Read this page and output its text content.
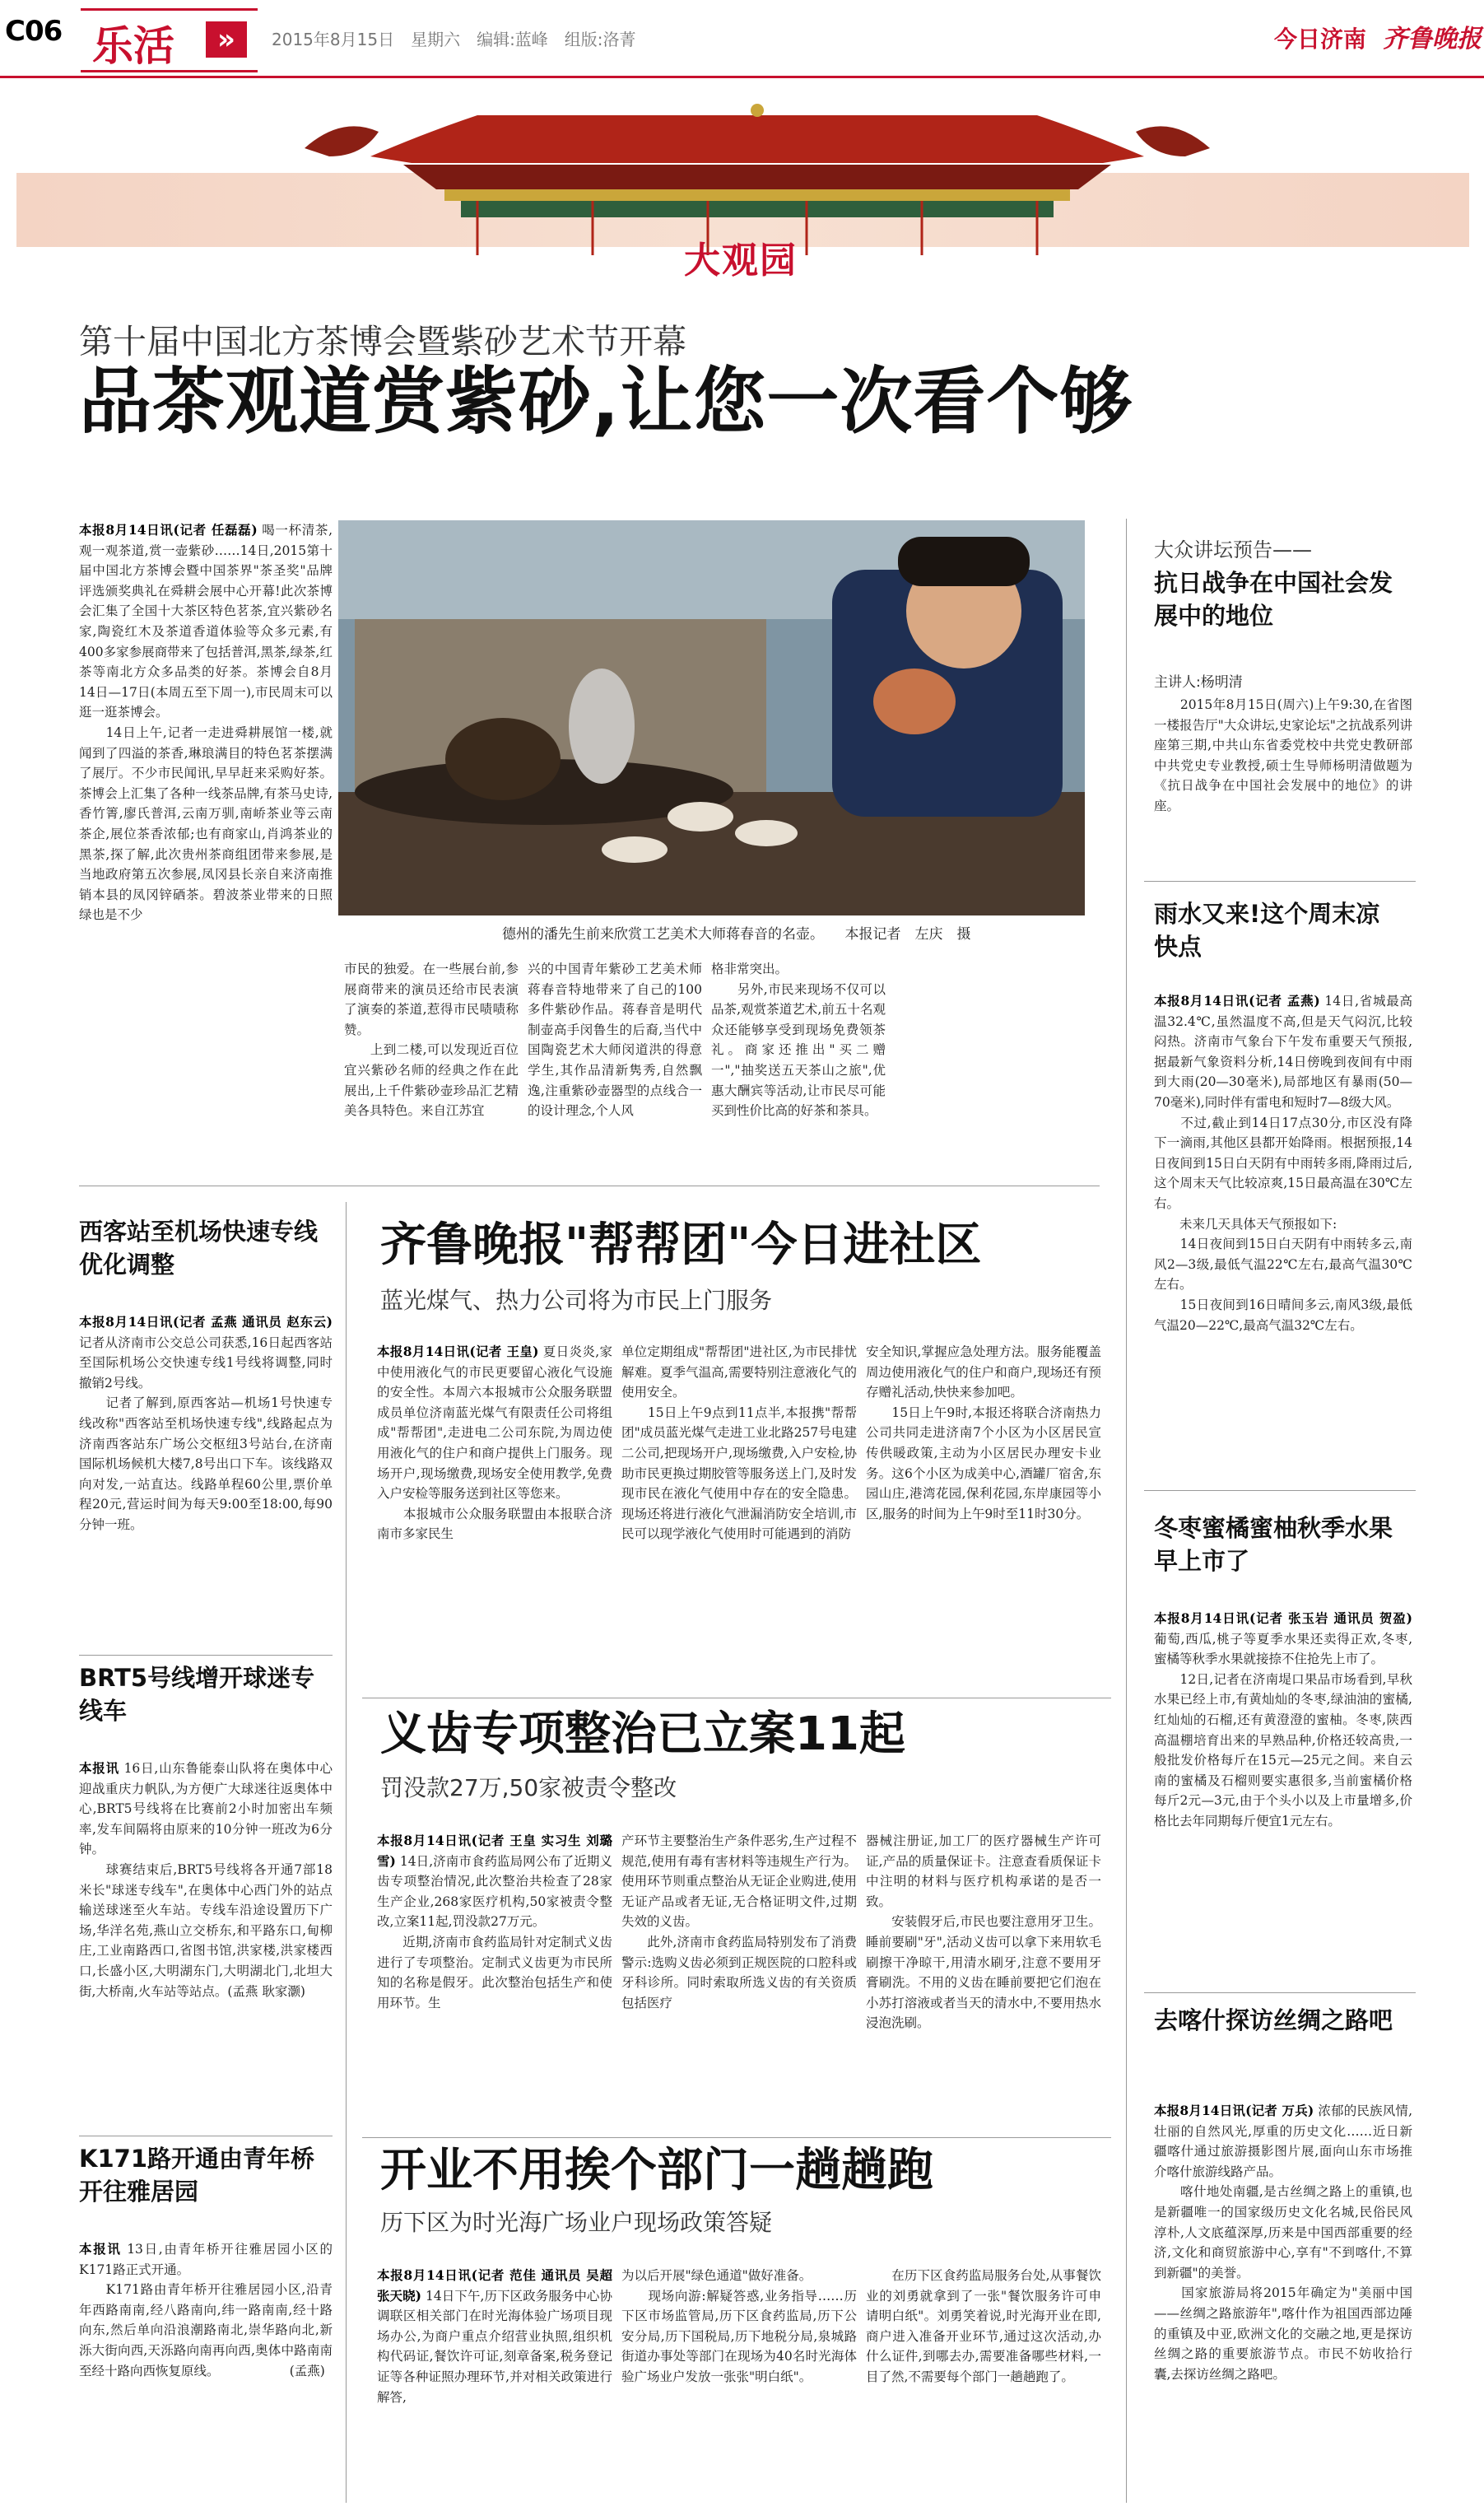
C06 乐活	»	2015年8月15日　星期六　编辑:蓝峰　组版:洛菁	今日济南 齐鲁晚报
大观园
第十届中国北方茶博会暨紫砂艺术节开幕
品茶观道赏紫砂,让您一次看个够
本报8月14日讯(记者 任磊磊) 喝一杯清茶,观一观茶道,赏一壶紫砂……14日,2015第十届中国北方茶博会暨中国茶界"茶圣奖"品牌评选颁奖典礼在舜耕会展中心开幕!此次茶博会汇集了全国十大茶区特色茗茶,宜兴紫砂名家,陶瓷红木及茶道香道体验等众多元素,有400多家参展商带来了包括普洱,黑茶,绿茶,红茶等南北方众多品类的好茶。茶博会自8月14日—17日(本周五至下周一),市民周末可以逛一逛茶博会。
　　14日上午,记者一走进舜耕展馆一楼,就闻到了四溢的茶香,琳琅满目的特色茗茶摆满了展厅。不少市民闻讯,早早赶来采购好茶。茶博会上汇集了各种一线茶品牌,有茶马史诗,香竹箐,廖氏普洱,云南万驯,南峤茶业等云南茶企,展位茶香浓郁;也有商家山,肖鸿茶业的黑茶,探了解,此次贵州茶商组团带来参展,是当地政府第五次参展,凤冈县长亲自来济南推销本县的凤冈锌硒茶。碧波茶业带来的日照绿也是不少
德州的潘先生前来欣赏工艺美术大师蒋春音的名壶。　　本报记者　左庆　摄
市民的独爱。在一些展台前,参展商带来的演员还给市民表演了演奏的茶道,惹得市民啧啧称赞。
　　上到二楼,可以发现近百位宜兴紫砂名师的经典之作在此展出,上千件紫砂壶珍品汇艺精美各具特色。来自江苏宜
兴的中国青年紫砂工艺美术师蒋春音特地带来了自己的100多件紫砂作品。蒋春音是明代制壶高手闵鲁生的后裔,当代中国陶瓷艺术大师闵道洪的得意学生,其作品清新隽秀,自然飘逸,注重紫砂壶器型的点线合一的设计理念,个人风
格非常突出。
　　另外,市民来现场不仅可以品茶,观赏茶道艺术,前五十名观众还能够享受到现场免费领茶礼。商家还推出"买二赠一","抽奖送五天茶山之旅",优惠大酬宾等活动,让市民尽可能买到性价比高的好茶和茶具。
西客站至机场快速专线优化调整
本报8月14日讯(记者 孟燕 通讯员 赵东云) 记者从济南市公交总公司获悉,16日起西客站至国际机场公交快速专线1号线将调整,同时撤销2号线。
　　记者了解到,原西客站—机场1号快速专线改称"西客站至机场快速专线",线路起点为济南西客站东广场公交枢纽3号站台,在济南国际机场候机大楼7,8号出口下车。该线路双向对发,一站直达。线路单程60公里,票价单程20元,营运时间为每天9:00至18:00,每90分钟一班。
BRT5号线增开球迷专线车
本报讯 16日,山东鲁能泰山队将在奥体中心迎战重庆力帆队,为方便广大球迷往返奥体中心,BRT5号线将在比赛前2小时加密出车频率,发车间隔将由原来的10分钟一班改为6分钟。
　　球赛结束后,BRT5号线将各开通7部18米长"球迷专线车",在奥体中心西门外的站点输送球迷至火车站。专线车沿途设置历下广场,华洋名苑,燕山立交桥东,和平路东口,甸柳庄,工业南路西口,省图书馆,洪家楼,洪家楼西口,长盛小区,大明湖东门,大明湖北门,北坦大街,大桥南,火车站等站点。(孟燕 耿家灏)
K171路开通由青年桥开往雅居园
本报讯 13日,由青年桥开往雅居园小区的K171路正式开通。
　　K171路由青年桥开往雅居园小区,沿青年西路南南,经八路南向,纬一路南南,经十路向东,然后单向沿浪潮路南北,崇华路向北,新泺大街向西,天泺路向南再向西,奥体中路南南至经十路向西恢复原线。　　　　　　(孟燕)
齐鲁晚报"帮帮团"今日进社区
蓝光煤气、热力公司将为市民上门服务
本报8月14日讯(记者 王皇) 夏日炎炎,家中使用液化气的市民更要留心液化气设施的安全性。本周六本报城市公众服务联盟成员单位济南蓝光煤气有限责任公司将组成"帮帮团",走进电二公司东院,为周边使用液化气的住户和商户提供上门服务。现场开户,现场缴费,现场安全使用教学,免费入户安检等服务送到社区等您来。
　　本报城市公众服务联盟由本报联合济南市多家民生
单位定期组成"帮帮团"进社区,为市民排忧解难。夏季气温高,需要特别注意液化气的使用安全。
　　15日上午9点到11点半,本报携"帮帮团"成员蓝光煤气走进工业北路257号电建二公司,把现场开户,现场缴费,入户安检,协助市民更换过期胶管等服务送上门,及时发现市民在液化气使用中存在的安全隐患。现场还将进行液化气泄漏消防安全培训,市民可以现学液化气使用时可能遇到的消防
安全知识,掌握应急处理方法。服务能覆盖周边使用液化气的住户和商户,现场还有预存赠礼活动,快快来参加吧。
　　15日上午9时,本报还将联合济南热力公司共同走进济南7个小区为小区居民宣传供暖政策,主动为小区居民办理安卡业务。这6个小区为成美中心,酒罐厂宿舍,东园山庄,港湾花园,保利花园,东岸康园等小区,服务的时间为上午9时至11时30分。
义齿专项整治已立案11起
罚没款27万,50家被责令整改
本报8月14日讯(记者 王皇 实习生 刘璐雪) 14日,济南市食药监局网公布了近期义齿专项整治情况,此次整治共检查了28家生产企业,268家医疗机构,50家被责令整改,立案11起,罚没款27万元。
　　近期,济南市食药监局针对定制式义齿进行了专项整治。定制式义齿更为市民所知的名称是假牙。此次整治包括生产和使用环节。生
产环节主要整治生产条件恶劣,生产过程不规范,使用有毒有害材料等违规生产行为。使用环节则重点整治从无证企业购进,使用无证产品或者无证,无合格证明文件,过期失效的义齿。
　　此外,济南市食药监局特别发布了消费警示:选购义齿必须到正规医院的口腔科或牙科诊所。同时索取所选义齿的有关资质包括医疗
器械注册证,加工厂的医疗器械生产许可证,产品的质量保证卡。注意查看质保证卡中注明的材料与医疗机构承诺的是否一致。
　　安装假牙后,市民也要注意用牙卫生。睡前要刷"牙",活动义齿可以拿下来用软毛刷擦干净晾干,用清水刷牙,注意不要用牙膏刷洗。不用的义齿在睡前要把它们泡在小苏打溶液或者当天的清水中,不要用热水浸泡洗刷。
开业不用挨个部门一趟趟跑
历下区为时光海广场业户现场政策答疑
本报8月14日讯(记者 范佳 通讯员 吴超 张天晓) 14日下午,历下区政务服务中心协调联区相关部门在时光海体验广场项目现场办公,为商户重点介绍营业执照,组织机构代码证,餐饮许可证,刻章备案,税务登记证等各种证照办理环节,并对相关政策进行解答,
为以后开展"绿色通道"做好准备。
　　现场向游:解疑答惑,业务指导……历下区市场监管局,历下区食药监局,历下公安分局,历下国税局,历下地税分局,泉城路街道办事处等部门在现场为40名时光海体验广场业户发放一张张"明白纸"。
　　在历下区食药监局服务台处,从事餐饮业的刘勇就拿到了一张"餐饮服务许可申请明白纸"。刘勇笑着说,时光海开业在即,商户进入准备开业环节,通过这次活动,办什么证件,到哪去办,需要准备哪些材料,一目了然,不需要每个部门一趟趟跑了。
大众讲坛预告——
抗日战争在中国社会发展中的地位
主讲人:杨明清
　　2015年8月15日(周六)上午9:30,在省图一楼报告厅"大众讲坛,史家论坛"之抗战系列讲座第三期,中共山东省委党校中共党史教研部中共党史专业教授,硕士生导师杨明清做题为《抗日战争在中国社会发展中的地位》的讲座。
雨水又来!这个周末凉快点
本报8月14日讯(记者 孟燕) 14日,省城最高温32.4℃,虽然温度不高,但是天气闷沉,比较闷热。济南市气象台下午发布重要天气预报,据最新气象资料分析,14日傍晚到夜间有中雨到大雨(20—30毫米),局部地区有暴雨(50—70毫米),同时伴有雷电和短时7—8级大风。
　　不过,截止到14日17点30分,市区没有降下一滴雨,其他区县都开始降雨。根据预报,14日夜间到15日白天阴有中雨转多雨,降雨过后,这个周末天气比较凉爽,15日最高温在30℃左右。
　　未来几天具体天气预报如下:
　　14日夜间到15日白天阴有中雨转多云,南风2—3级,最低气温22℃左右,最高气温30℃左右。
　　15日夜间到16日晴间多云,南风3级,最低气温20—22℃,最高气温32℃左右。
冬枣蜜橘蜜柚秋季水果早上市了
本报8月14日讯(记者 张玉岩 通讯员 贺盈) 葡萄,西瓜,桃子等夏季水果还卖得正欢,冬枣,蜜橘等秋季水果就接捺不住抢先上市了。
　　12日,记者在济南堤口果品市场看到,早秋水果已经上市,有黄灿灿的冬枣,绿油油的蜜橘,红灿灿的石榴,还有黄澄澄的蜜柚。冬枣,陕西高温棚培育出来的早熟品种,价格还较高贵,一般批发价格每斤在15元—25元之间。来自云南的蜜橘及石榴则要实惠很多,当前蜜橘价格每斤2元—3元,由于个头小以及上市量增多,价格比去年同期每斤便宜1元左右。
去喀什探访丝绸之路吧
本报8月14日讯(记者 万兵) 浓郁的民族风情,壮丽的自然风光,厚重的历史文化……近日新疆喀什通过旅游摄影图片展,面向山东市场推介喀什旅游线路产品。
　　喀什地处南疆,是古丝绸之路上的重镇,也是新疆唯一的国家级历史文化名城,民俗民风淳朴,人文底蕴深厚,历来是中国西部重要的经济,文化和商贸旅游中心,享有"不到喀什,不算到新疆"的美誉。
　　国家旅游局将2015年确定为"美丽中国——丝绸之路旅游年",喀什作为祖国西部边陲的重镇及中亚,欧洲文化的交融之地,更是探访丝绸之路的重要旅游节点。市民不妨收拾行囊,去探访丝绸之路吧。
